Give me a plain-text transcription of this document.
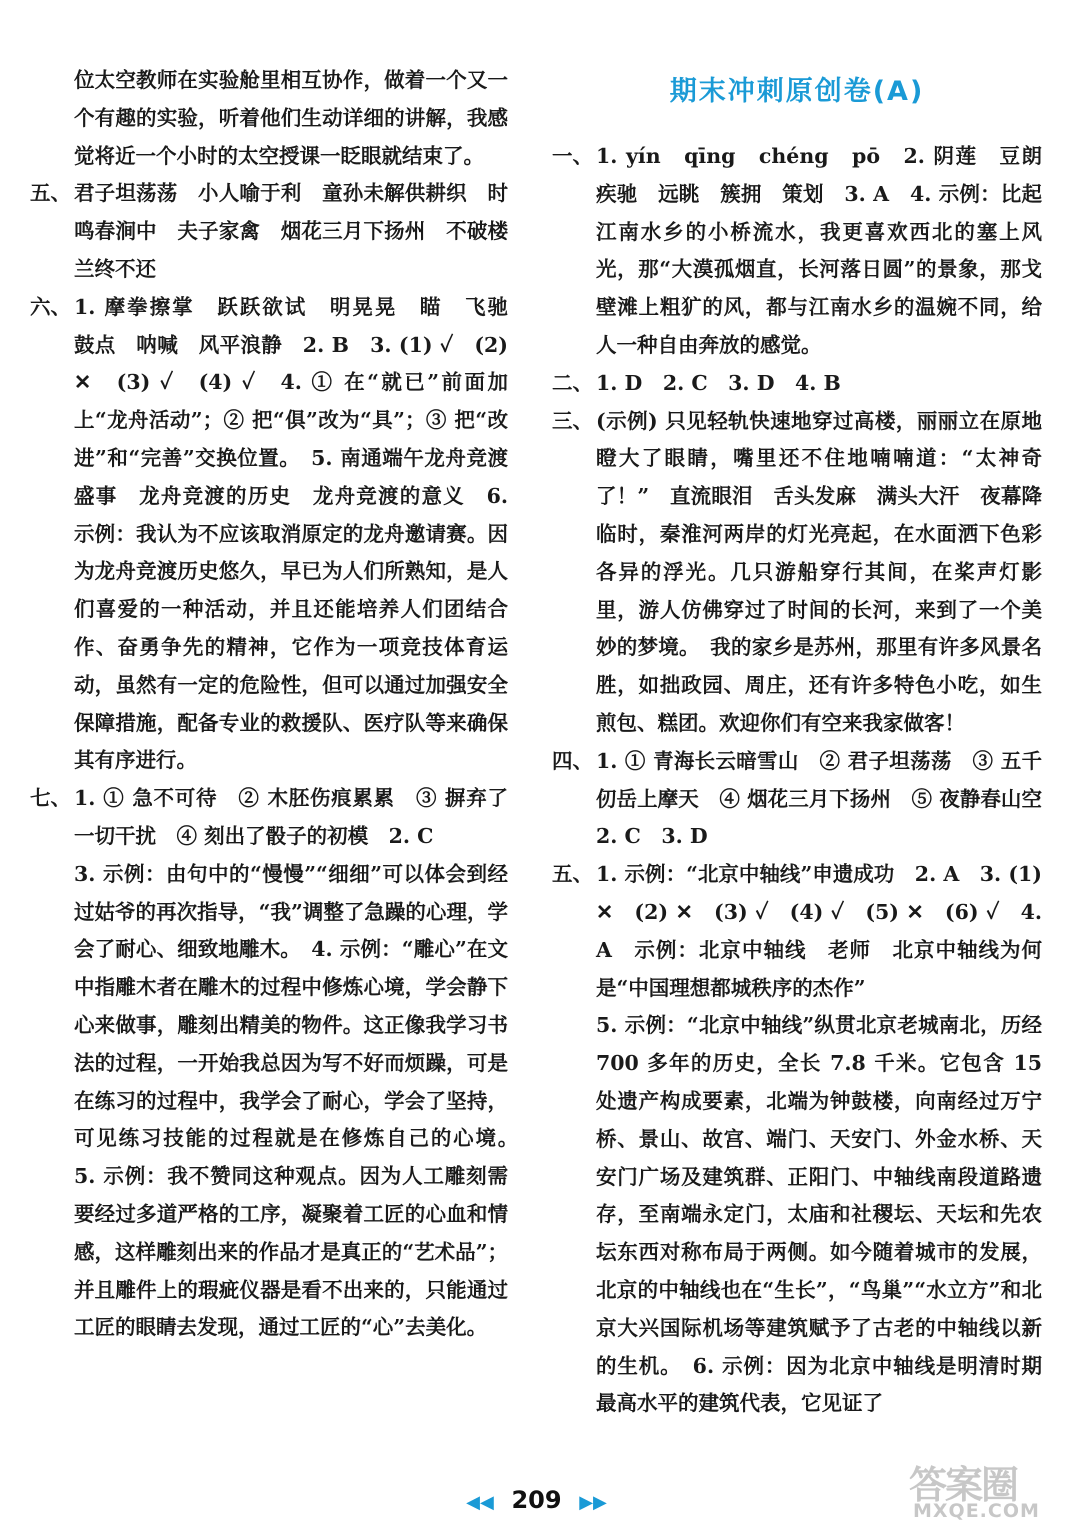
位太空教师在实验舱里相互协作，做着一个又一个有趣的实验，听着他们生动详细的讲解，我感觉将近一个小时的太空授课一眨眼就结束了。
五、 君子坦荡荡　小人喻于利　童孙未解供耕织　时鸣春涧中　夫子家禽　烟花三月下扬州　不破楼兰终不还
六、 1. 摩拳擦掌　跃跃欲试　明晃晃　瞄　飞驰　鼓点　呐喊　风平浪静　2. B　3. (1) ✓　(2) ✕　(3) ✓　(4) ✓　4. ① 在“就已”前面加上“龙舟活动”；② 把“俱”改为“具”；③ 把“改进”和“完善”交换位置。　5. 南通端午龙舟竞渡盛事　龙舟竞渡的历史　龙舟竞渡的意义　6. 示例：我认为不应该取消原定的龙舟邀请赛。因为龙舟竞渡历史悠久，早已为人们所熟知，是人们喜爱的一种活动，并且还能培养人们团结合作、奋勇争先的精神，它作为一项竞技体育运动，虽然有一定的危险性，但可以通过加强安全保障措施，配备专业的救援队、医疗队等来确保其有序进行。
七、 1. ① 急不可待　② 木胚伤痕累累　③ 摒弃了一切干扰　④ 刻出了骰子的初模　2. C
3. 示例：由句中的“慢慢”“细细”可以体会到经过姑爷的再次指导，“我”调整了急躁的心理，学会了耐心、细致地雕木。　4. 示例：“雕心”在文中指雕木者在雕木的过程中修炼心境，学会静下心来做事，雕刻出精美的物件。这正像我学习书法的过程，一开始我总因为写不好而烦躁，可是在练习的过程中，我学会了耐心，学会了坚持，可见练习技能的过程就是在修炼自己的心境。　5. 示例：我不赞同这种观点。因为人工雕刻需要经过多道严格的工序，凝聚着工匠的心血和情感，这样雕刻出来的作品才是真正的“艺术品”；并且雕件上的瑕疵仪器是看不出来的，只能通过工匠的眼睛去发现，通过工匠的“心”去美化。
期末冲刺原创卷(A)
一、 1. yín　qīng　chéng　pō　2. 阴莲　豆朗　疾驰　远眺　簇拥　策划　3. A　4. 示例：比起江南水乡的小桥流水，我更喜欢西北的塞上风光，那“大漠孤烟直，长河落日圆”的景象，那戈壁滩上粗犷的风，都与江南水乡的温婉不同，给人一种自由奔放的感觉。
二、 1. D　2. C　3. D　4. B
三、 (示例) 只见轻轨快速地穿过高楼，丽丽立在原地瞪大了眼睛，嘴里还不住地喃喃道：“太神奇了！”　直流眼泪　舌头发麻　满头大汗　夜幕降临时，秦淮河两岸的灯光亮起，在水面洒下色彩各异的浮光。几只游船穿行其间，在桨声灯影里，游人仿佛穿过了时间的长河，来到了一个美妙的梦境。　我的家乡是苏州，那里有许多风景名胜，如拙政园、周庄，还有许多特色小吃，如生煎包、糕团。欢迎你们有空来我家做客！
四、 1. ① 青海长云暗雪山　② 君子坦荡荡　③ 五千仞岳上摩天　④ 烟花三月下扬州　⑤ 夜静春山空　2. C　3. D
五、 1. 示例：“北京中轴线”申遗成功　2. A　3. (1) ✕　(2) ✕　(3) ✓　(4) ✓　(5) ✕　(6) ✓　4. A　示例：北京中轴线　老师　北京中轴线为何是“中国理想都城秩序的杰作”
5. 示例：“北京中轴线”纵贯北京老城南北，历经 700 多年的历史，全长 7.8 千米。它包含 15 处遗产构成要素，北端为钟鼓楼，向南经过万宁桥、景山、故宫、端门、天安门、外金水桥、天安门广场及建筑群、正阳门、中轴线南段道路遗存，至南端永定门，太庙和社稷坛、天坛和先农坛东西对称布局于两侧。如今随着城市的发展，北京的中轴线也在“生长”，“鸟巢”“水立方”和北京大兴国际机场等建筑赋予了古老的中轴线以新的生机。　6. 示例：因为北京中轴线是明清时期最高水平的建筑代表，它见证了
◀◀ 209 ▶▶	答案圈
MXQE.COM
